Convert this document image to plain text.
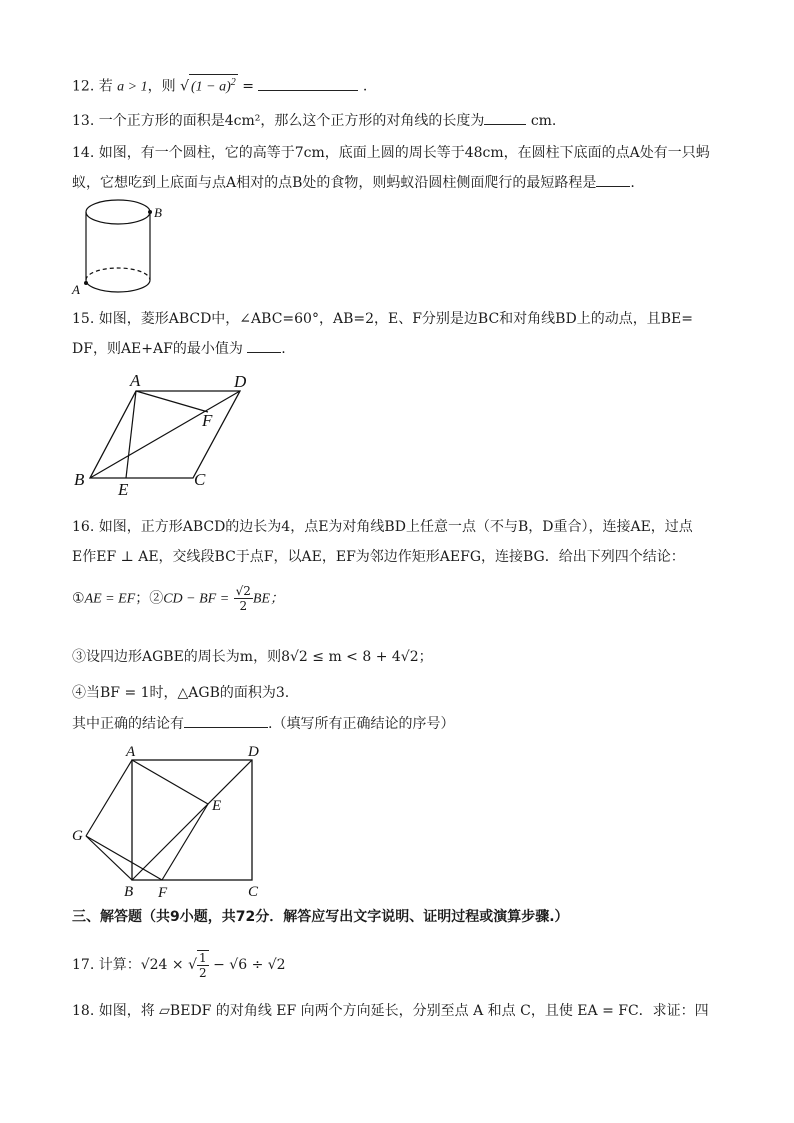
12. 若 a > 1，则 √ $(1 - a)^2$ =	.
13. 一个正方形的面积是4cm²，那么这个正方形的对角线的长度为	cm.
14. 如图，有一个圆柱，它的高等于7cm，底面上圆的周长等于48cm，在圆柱下底面的点A处有一只蚂
蚁，它想吃到上底面与点A相对的点B处的食物，则蚂蚁沿圆柱侧面爬行的最短路程是 .
B
A
15. 如图，菱形ABCD中，∠ABC=60°，AB=2，E、F分别是边BC和对角线BD上的动点，且BE=
DF，则AE+AF的最小值为	.
A	D
F
B
E
C
16. 如图，正方形ABCD的边长为4，点E为对角线BD上任意一点（不与B，D重合），连接AE，过点
E作EF ⊥ AE，交线段BC于点F，以AE，EF为邻边作矩形AEFG，连接BG．给出下列四个结论：
①AE = EF；②CD − BF = $\frac{√2}{2}$ BE；
③设四边形AGBE的周长为m，则8√2 ≤ m < 8 + 4√2；
④当BF = 1时，△AGB的面积为3.
其中正确的结论有	.（填写所有正确结论的序号）
A	D
E
G
B F	C
三、解答题（共9小题，共72分．解答应写出文字说明、证明过程或演算步骤.）
17. 计算：√24 × √ $\frac{1}{2} - √6 \div √2$
18. 如图，将 ▱BEDF 的对角线 EF 向两个方向延长，分别至点 A 和点 C，且使 EA = FC．求证：四
